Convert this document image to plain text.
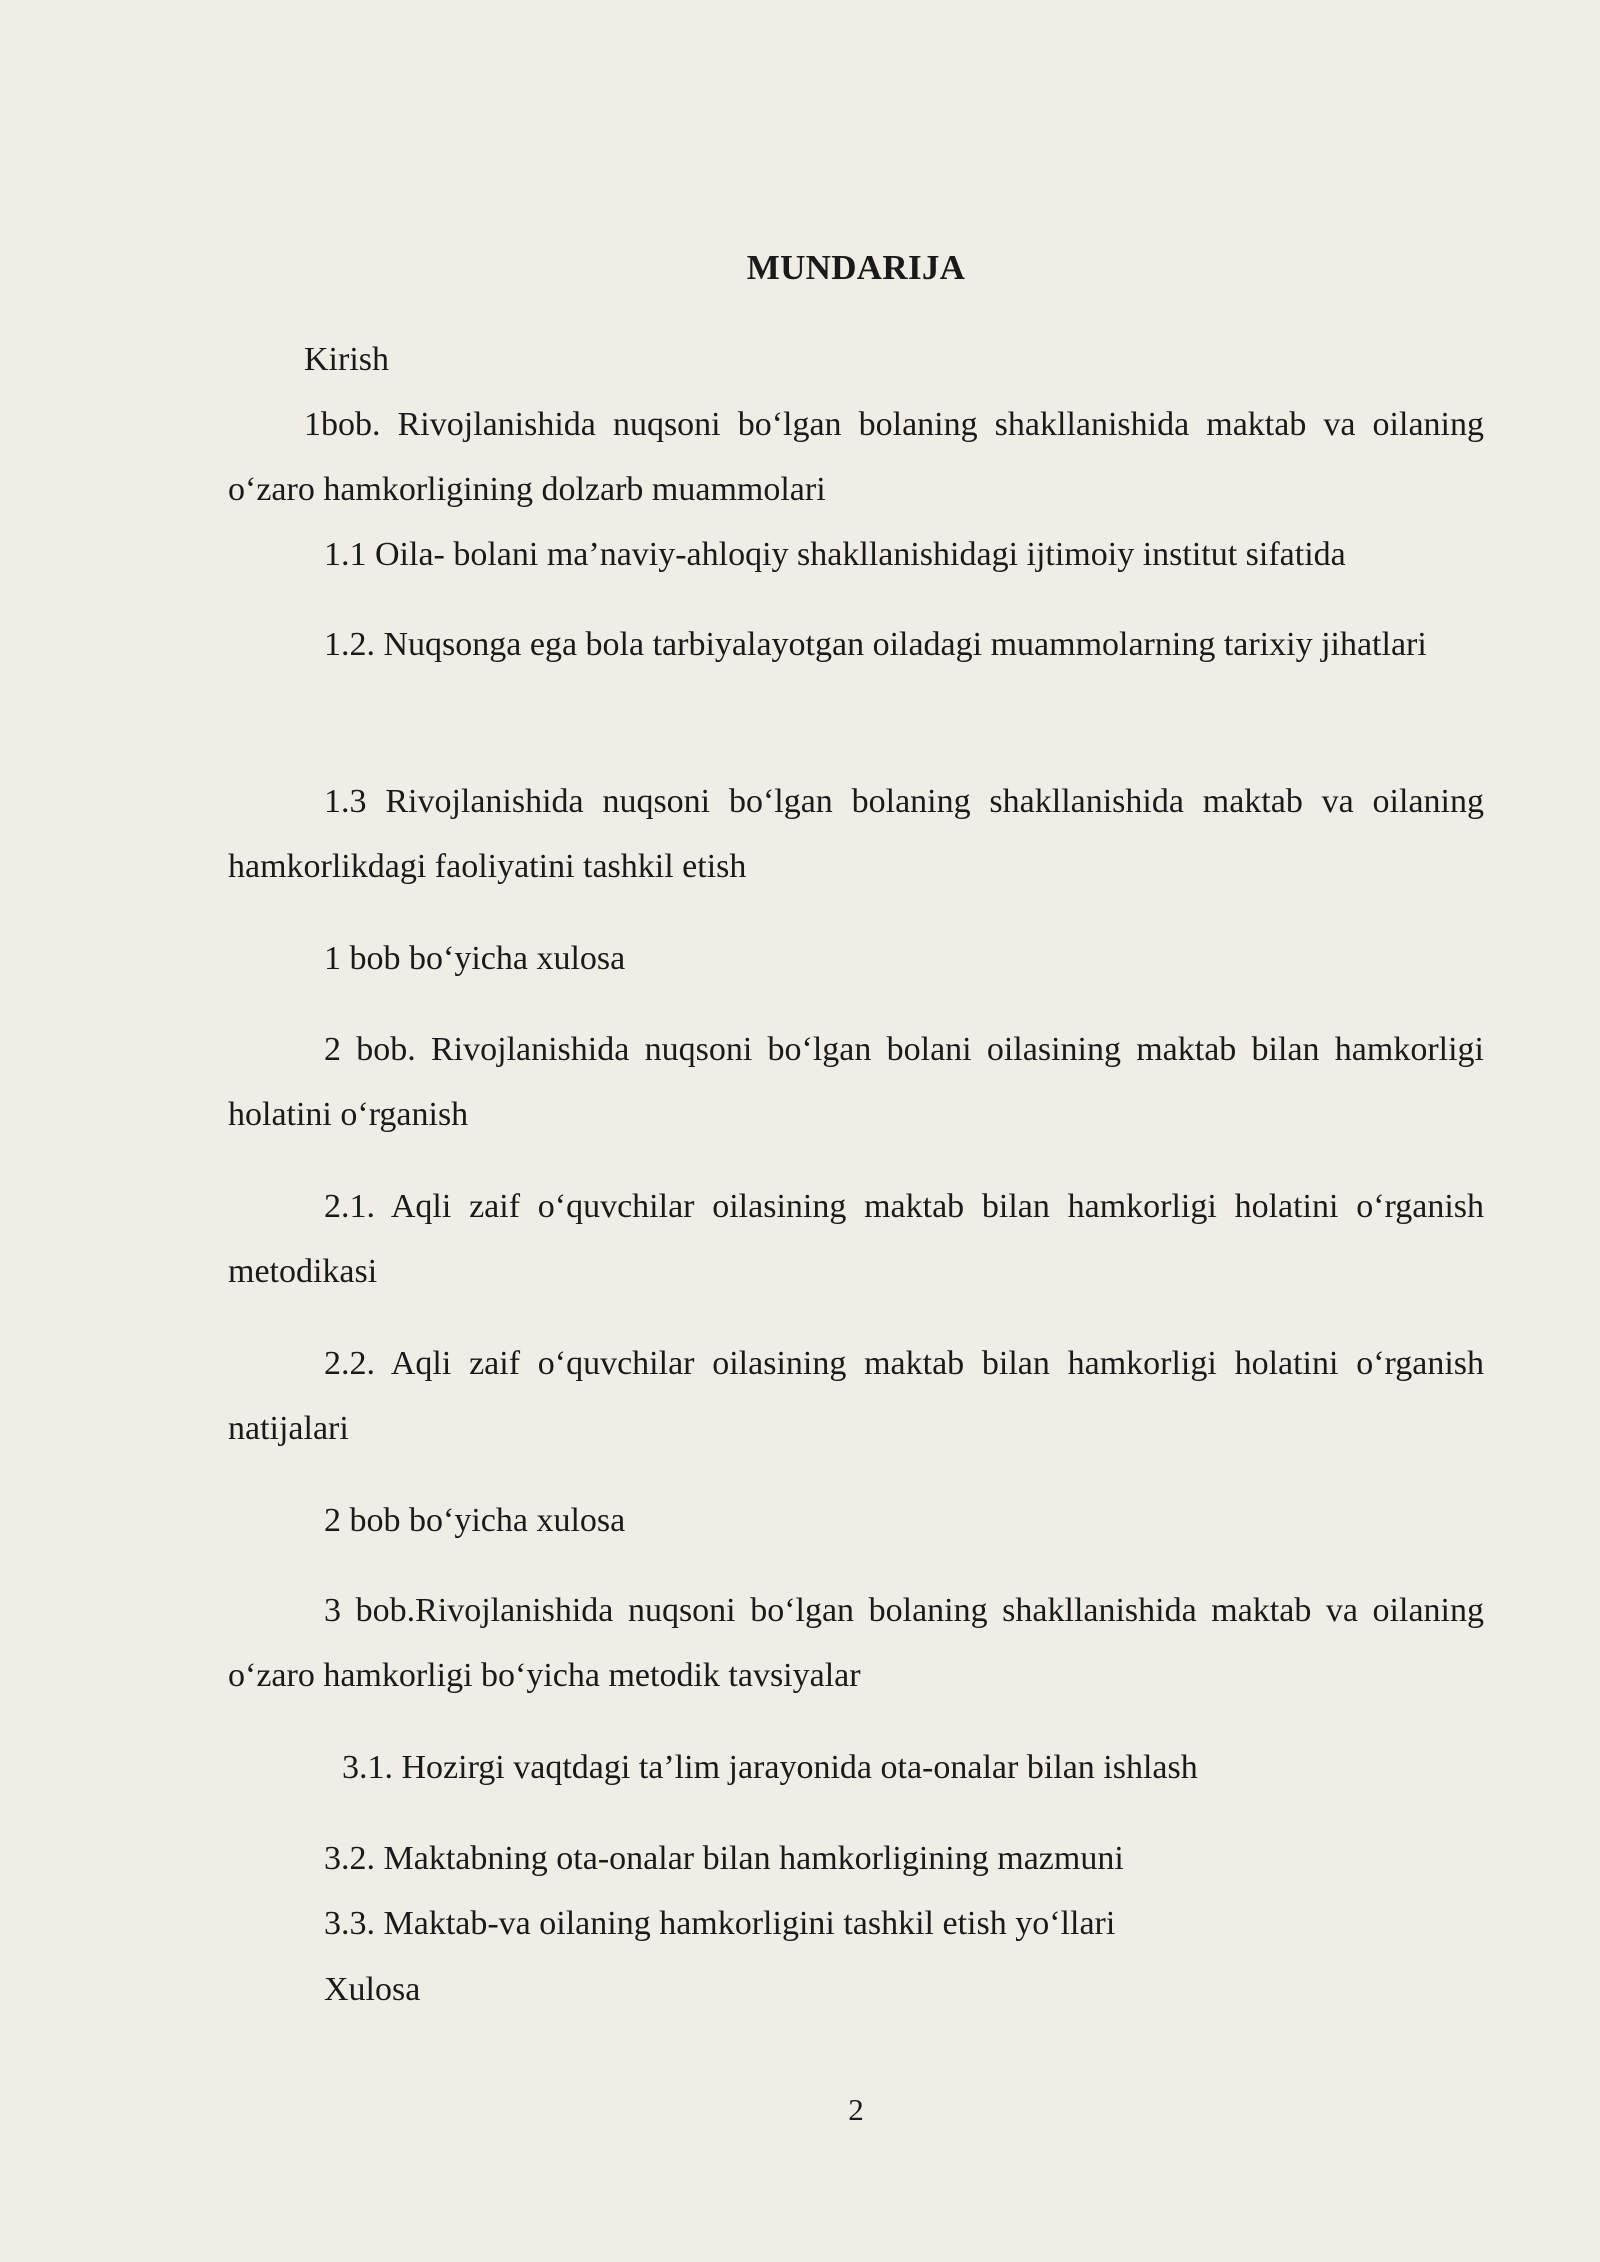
MUNDARIJA

Kirish

1bob. Rivojlanishida nuqsoni bo‘lgan bolaning shakllanishida maktab va oilaning o‘zaro hamkorligining dolzarb muammolari

1.1 Oila- bolani ma’naviy-ahloqiy shakllanishidagi ijtimoiy institut sifatida

1.2. Nuqsonga ega bola tarbiyalayotgan oiladagi muammolarning tarixiy jihatlari

1.3 Rivojlanishida nuqsoni bo‘lgan bolaning shakllanishida maktab va oilaning hamkorlikdagi faoliyatini tashkil etish

1 bob bo‘yicha xulosa

2 bob. Rivojlanishida nuqsoni bo‘lgan bolani oilasining maktab bilan hamkorligi holatini o‘rganish

2.1. Aqli zaif o‘quvchilar oilasining maktab bilan hamkorligi holatini o‘rganish metodikasi

2.2. Aqli zaif o‘quvchilar oilasining maktab bilan hamkorligi holatini o‘rganish natijalari

2 bob bo‘yicha xulosa

3 bob.Rivojlanishida nuqsoni bo‘lgan bolaning shakllanishida maktab va oilaning o‘zaro hamkorligi bo‘yicha metodik tavsiyalar

3.1. Hozirgi vaqtdagi ta’lim jarayonida ota-onalar bilan ishlash

3.2. Maktabning ota-onalar bilan hamkorligining mazmuni

3.3. Maktab-va oilaning hamkorligini tashkil etish yo‘llari

Xulosa

2
